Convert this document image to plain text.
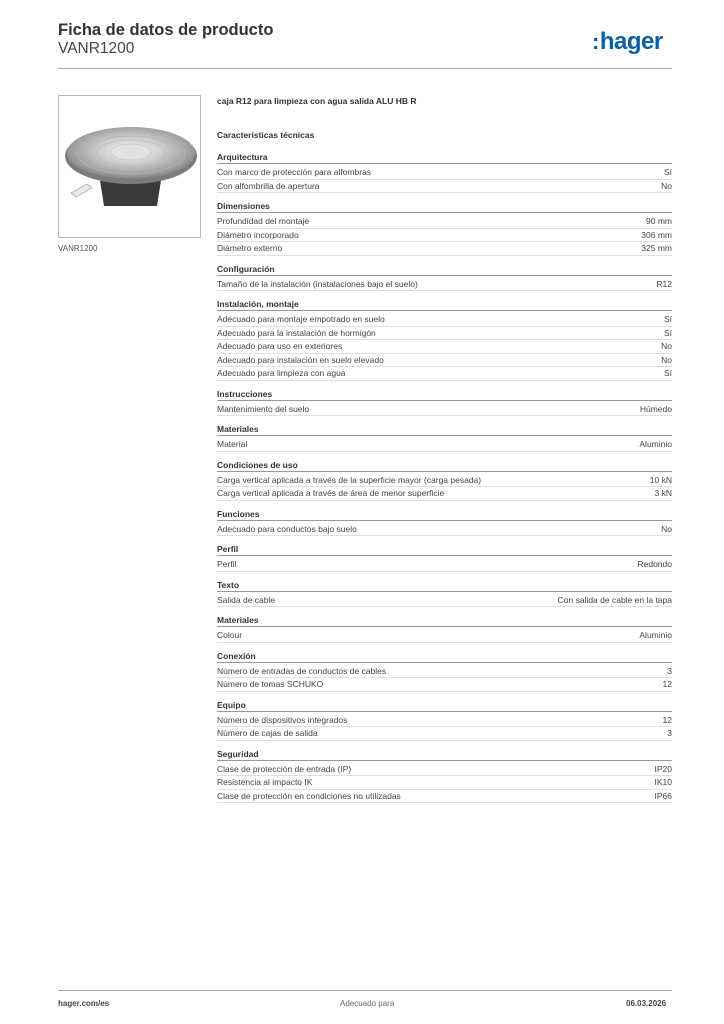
Ficha de datos de producto
VANR1200	:hager
VANR1200
caja R12 para limpieza con agua salida ALU HB R
Características técnicas
Arquitectura
Con marco de protección para alfombras	Sí
Con alfombrilla de apertura	No
Dimensiones
Profundidad del montaje	90 mm
Diámetro incorporado	306 mm
Diámetro externo	325 mm
Configuración
Tamaño de la instalación (instalaciones bajo el suelo)	R12
Instalación, montaje
Adecuado para montaje empotrado en suelo	Sí
Adecuado para la instalación de hormigón	Sí
Adecuado para uso en exteriores	No
Adecuado para instalación en suelo elevado	No
Adecuado para limpieza con agua	Sí
Instrucciones
Mantenimiento del suelo	Húmedo
Materiales
Material	Aluminio
Condiciones de uso
Carga vertical aplicada a través de la superficie mayor (carga pesada)	10 kN
Carga vertical aplicada a través de área de menor superficie	3 kN
Funciones
Adecuado para conductos bajo suelo	No
Perfil
Perfil	Redondo
Texto
Salida de cable	Con salida de cable en la tapa
Materiales
Colour	Aluminio
Conexión
Número de entradas de conductos de cables	3
Número de tomas SCHUKO	12
Equipo
Número de dispositivos integrados	12
Número de cajas de salida	3
Seguridad
Clase de protección de entrada (IP)	IP20
Resistencia al impacto IK	IK10
Clase de protección en condiciones no utilizadas	IP66
hager.com/es	Adecuado para	06.03.2026
